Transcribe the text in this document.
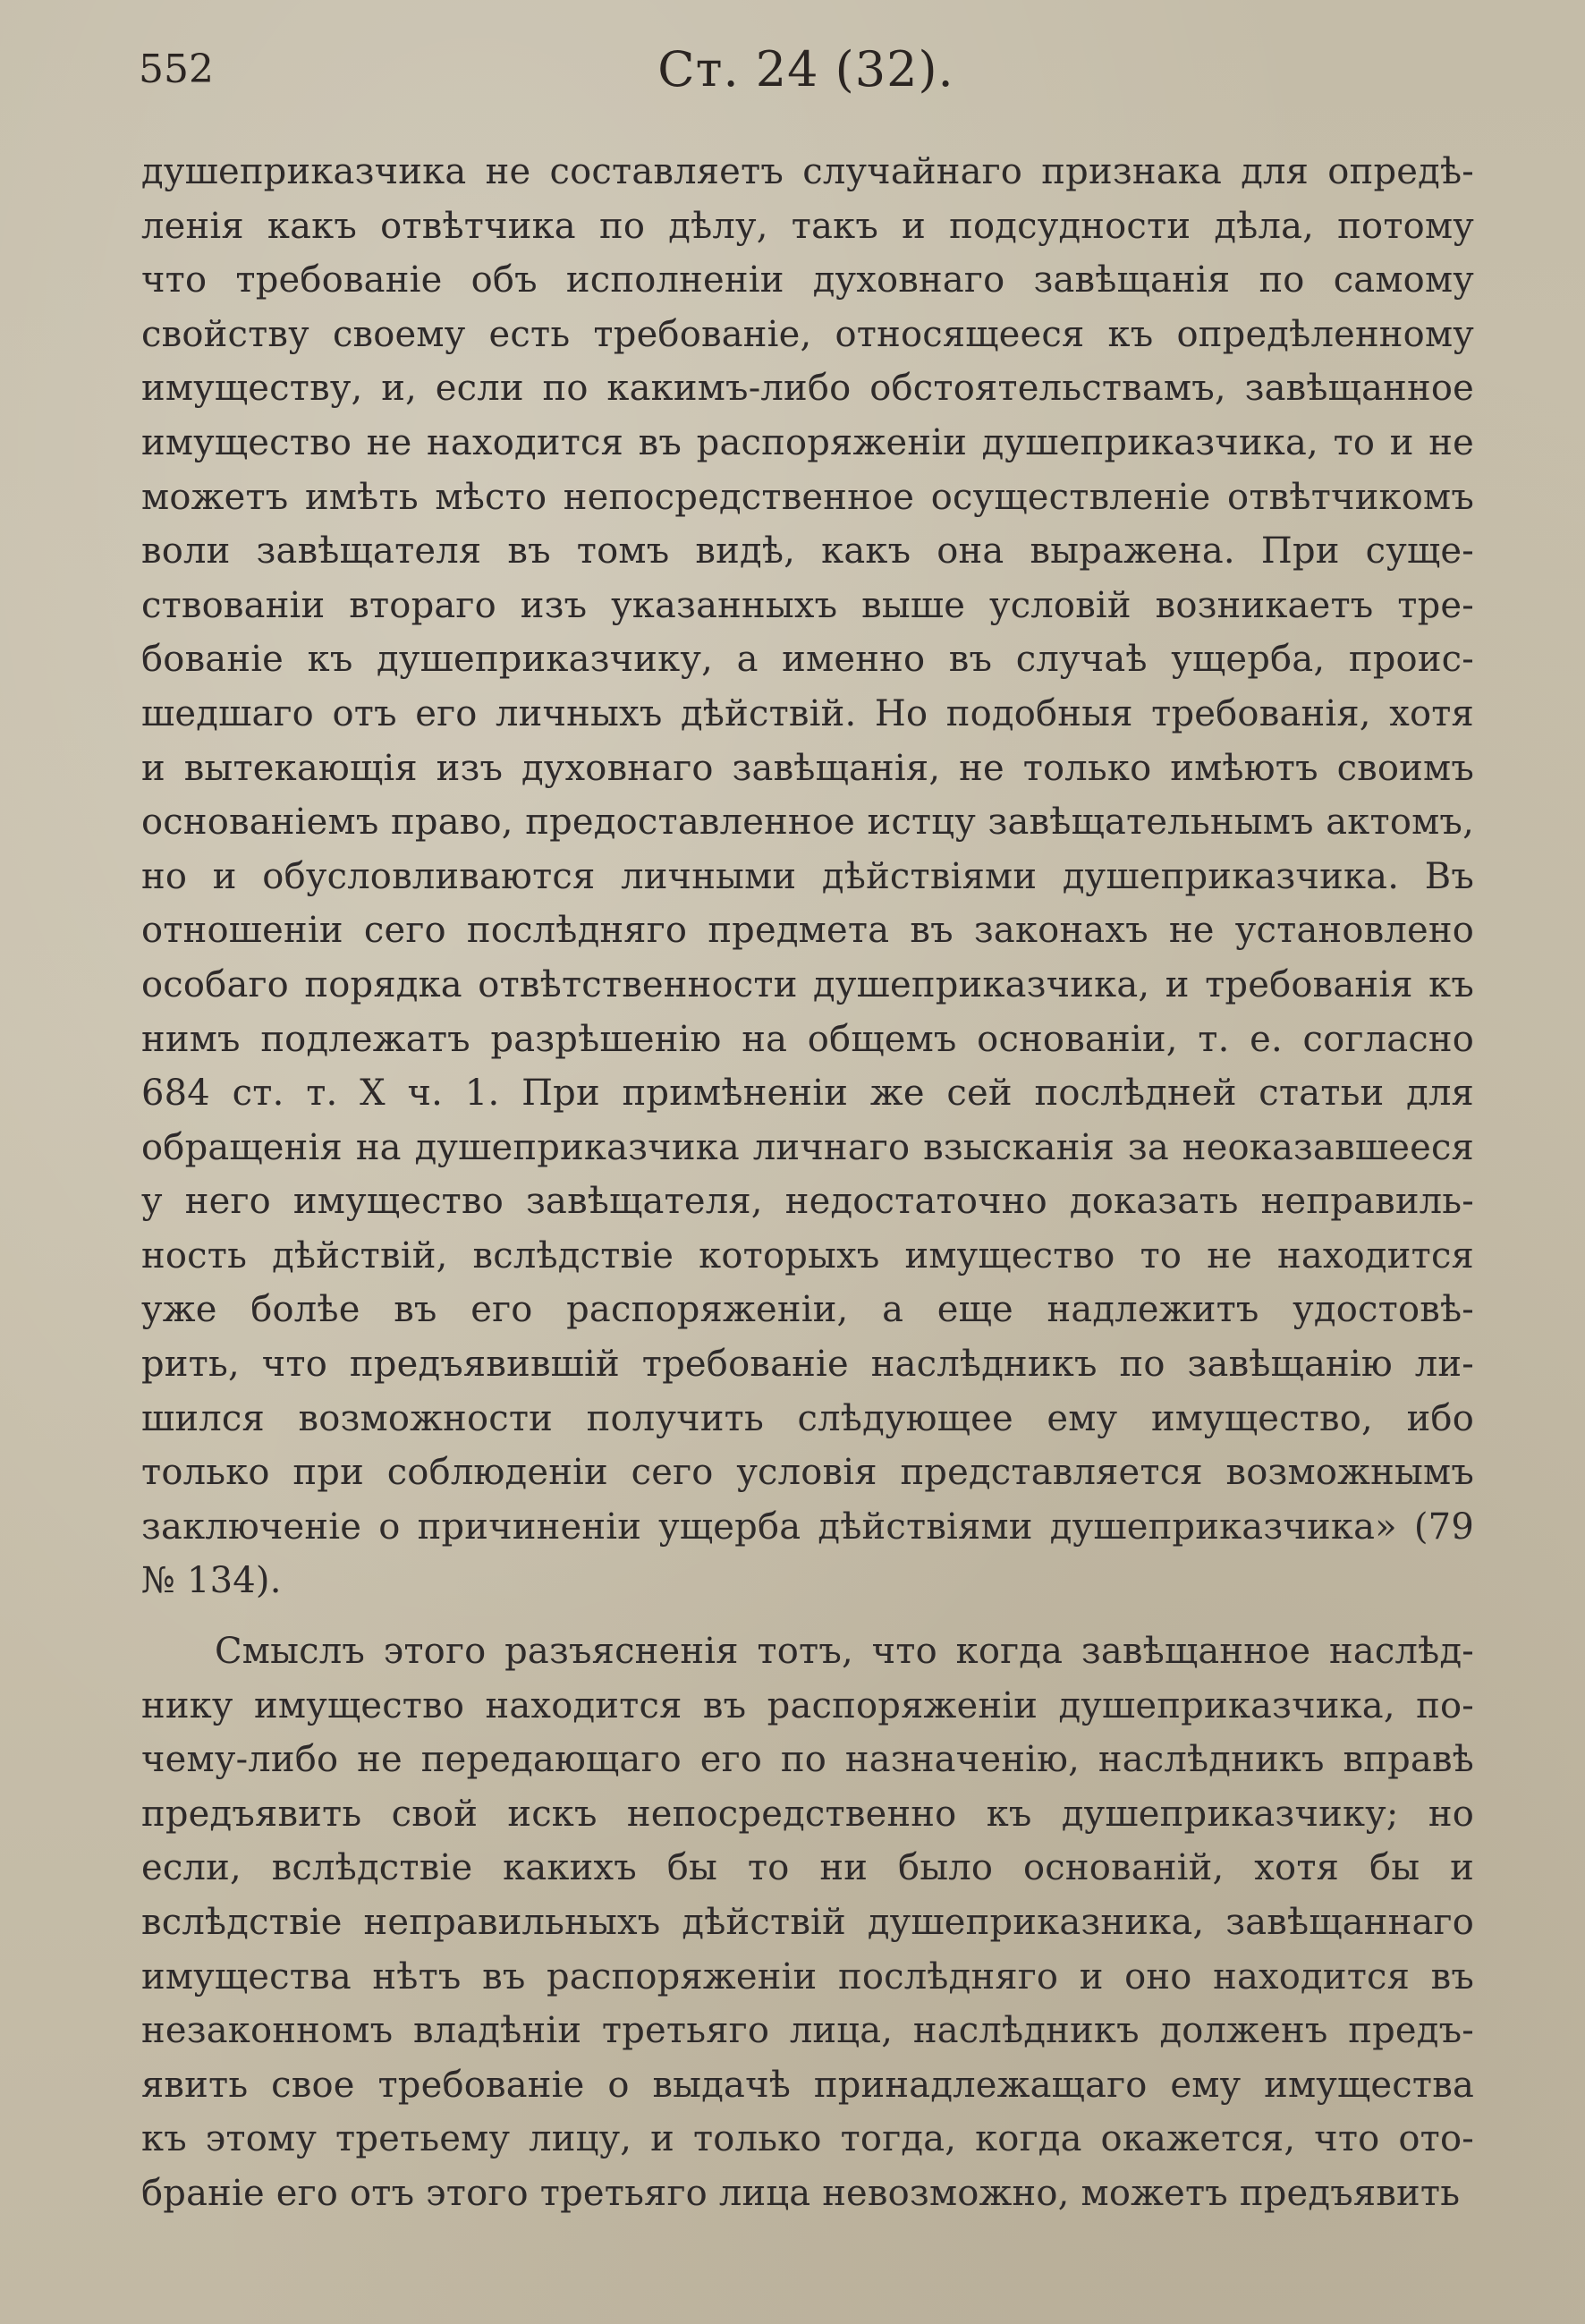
552	Ст. 24 (32).
душеприказчика не составляетъ случайнаго признака для опредѣ-
ленія какъ отвѣтчика по дѣлу, такъ и подсудности дѣла, потому
что требованіе объ исполненіи духовнаго завѣщанія по самому
свойству своему есть требованіе, относящееся къ опредѣленному
имуществу, и, если по какимъ-либо обстоятельствамъ, завѣщанное
имущество не находится въ распоряженіи душеприказчика, то и не
можетъ имѣть мѣсто непосредственное осуществленіе отвѣтчикомъ
воли завѣщателя въ томъ видѣ, какъ она выражена. При суще-
ствованіи втораго изъ указанныхъ выше условій возникаетъ тре-
бованіе къ душеприказчику, а именно въ случаѣ ущерба, проис-
шедшаго отъ его личныхъ дѣйствій. Но подобныя требованія, хотя
и вытекающія изъ духовнаго завѣщанія, не только имѣютъ своимъ
основаніемъ право, предоставленное истцу завѣщательнымъ актомъ,
но и обусловливаются личными дѣйствіями душеприказчика. Въ
отношеніи сего послѣдняго предмета въ законахъ не установлено
особаго порядка отвѣтственности душеприказчика, и требованія къ
нимъ подлежатъ разрѣшенію на общемъ основаніи, т. е. согласно
684 ст. т. X ч. 1. При примѣненіи же сей послѣдней статьи для
обращенія на душеприказчика личнаго взысканія за неоказавшееся
у него имущество завѣщателя, недостаточно доказать неправиль-
ность дѣйствій, вслѣдствіе которыхъ имущество то не находится
уже болѣе въ его распоряженіи, а еще надлежитъ удостовѣ-
рить, что предъявившій требованіе наслѣдникъ по завѣщанію ли-
шился возможности получить слѣдующее ему имущество, ибо
только при соблюденіи сего условія представляется возможнымъ
заключеніе о причиненіи ущерба дѣйствіями душеприказчика» (79
№ 134).
Смыслъ этого разъясненія тотъ, что когда завѣщанное наслѣд-
нику имущество находится въ распоряженіи душеприказчика, по-
чему-либо не передающаго его по назначенію, наслѣдникъ вправѣ
предъявить свой искъ непосредственно къ душеприказчику; но
если, вслѣдствіе какихъ бы то ни было основаній, хотя бы и
вслѣдствіе неправильныхъ дѣйствій душеприказника, завѣщаннаго
имущества нѣтъ въ распоряженіи послѣдняго и оно находится въ
незаконномъ владѣніи третьяго лица, наслѣдникъ долженъ предъ-
явить свое требованіе о выдачѣ принадлежащаго ему имущества
къ этому третьему лицу, и только тогда, когда окажется, что ото-
браніе его отъ этого третьяго лица невозможно, можетъ предъявить
